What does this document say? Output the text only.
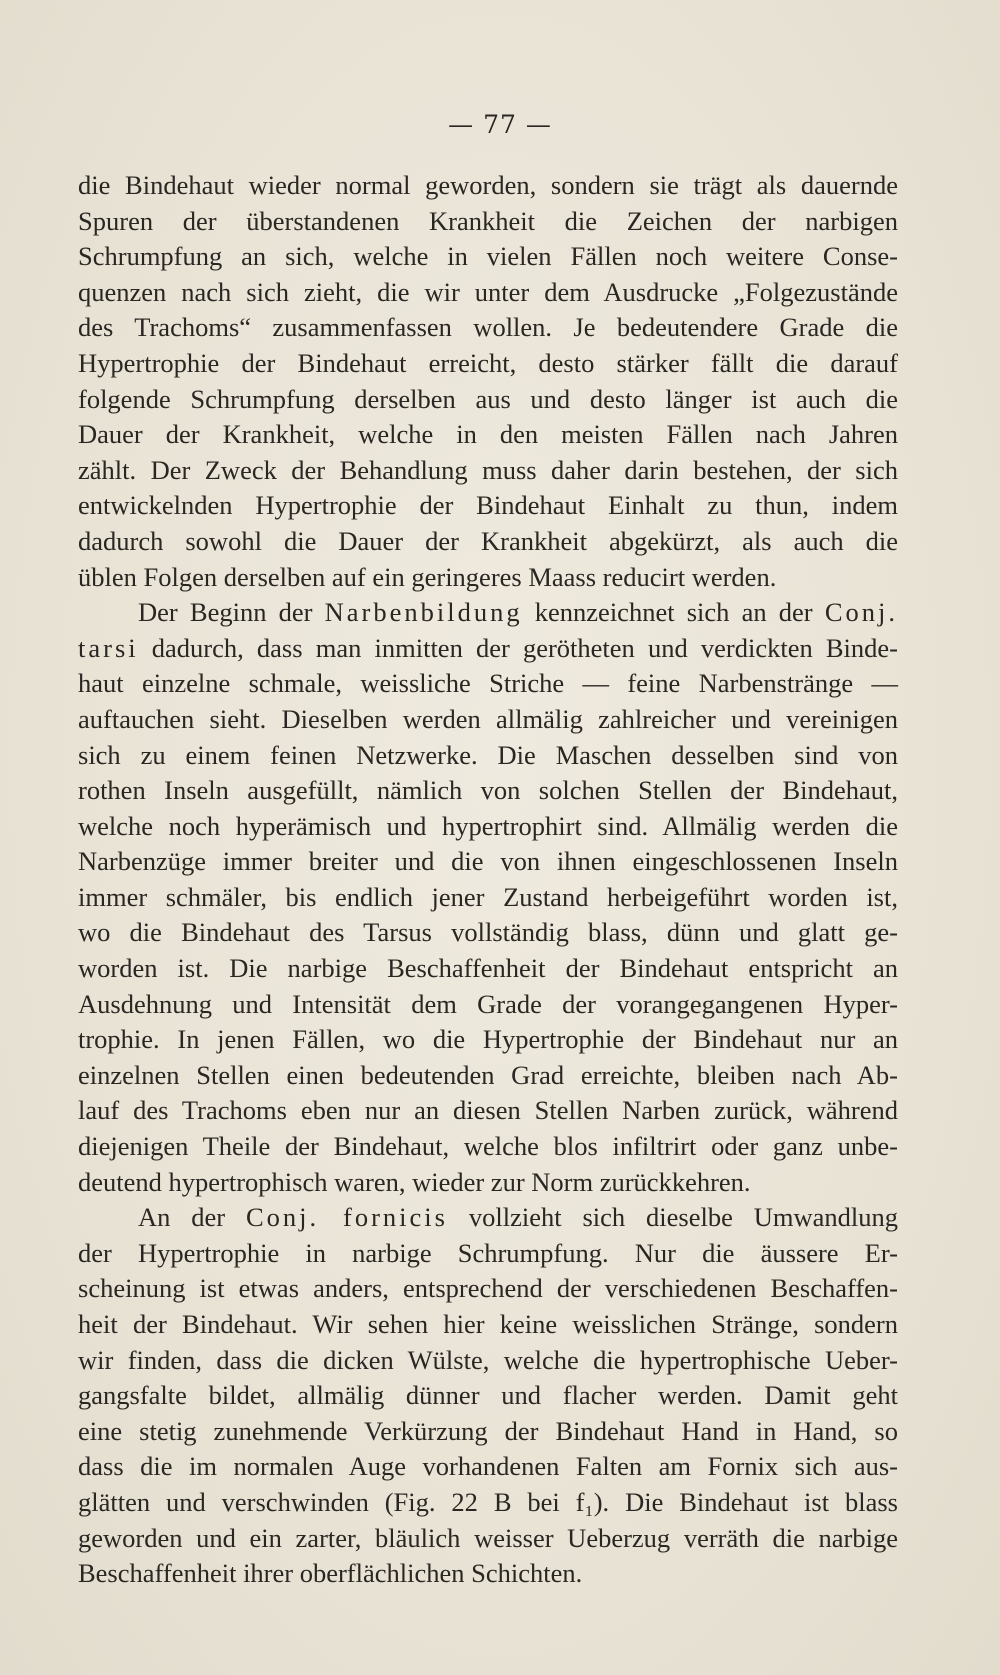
— 77 —
die Bindehaut wieder normal geworden, sondern sie trägt als dauernde
Spuren der überstandenen Krankheit die Zeichen der narbigen
Schrumpfung an sich, welche in vielen Fällen noch weitere Conse-
quenzen nach sich zieht, die wir unter dem Ausdrucke „Folgezustände
des Trachoms“ zusammenfassen wollen. Je bedeutendere Grade die
Hypertrophie der Bindehaut erreicht, desto stärker fällt die darauf
folgende Schrumpfung derselben aus und desto länger ist auch die
Dauer der Krankheit, welche in den meisten Fällen nach Jahren
zählt. Der Zweck der Behandlung muss daher darin bestehen, der sich
entwickelnden Hypertrophie der Bindehaut Einhalt zu thun, indem
dadurch sowohl die Dauer der Krankheit abgekürzt, als auch die
üblen Folgen derselben auf ein geringeres Maass reducirt werden.
Der Beginn der Narbenbildung kennzeichnet sich an der Conj.
tarsi dadurch, dass man inmitten der gerötheten und verdickten Binde-
haut einzelne schmale, weissliche Striche — feine Narbenstränge —
auftauchen sieht. Dieselben werden allmälig zahlreicher und vereinigen
sich zu einem feinen Netzwerke. Die Maschen desselben sind von
rothen Inseln ausgefüllt, nämlich von solchen Stellen der Bindehaut,
welche noch hyperämisch und hypertrophirt sind. Allmälig werden die
Narbenzüge immer breiter und die von ihnen eingeschlossenen Inseln
immer schmäler, bis endlich jener Zustand herbeigeführt worden ist,
wo die Bindehaut des Tarsus vollständig blass, dünn und glatt ge-
worden ist. Die narbige Beschaffenheit der Bindehaut entspricht an
Ausdehnung und Intensität dem Grade der vorangegangenen Hyper-
trophie. In jenen Fällen, wo die Hypertrophie der Bindehaut nur an
einzelnen Stellen einen bedeutenden Grad erreichte, bleiben nach Ab-
lauf des Trachoms eben nur an diesen Stellen Narben zurück, während
diejenigen Theile der Bindehaut, welche blos infiltrirt oder ganz unbe-
deutend hypertrophisch waren, wieder zur Norm zurückkehren.
An der Conj. fornicis vollzieht sich dieselbe Umwandlung
der Hypertrophie in narbige Schrumpfung. Nur die äussere Er-
scheinung ist etwas anders, entsprechend der verschiedenen Beschaffen-
heit der Bindehaut. Wir sehen hier keine weisslichen Stränge, sondern
wir finden, dass die dicken Wülste, welche die hypertrophische Ueber-
gangsfalte bildet, allmälig dünner und flacher werden. Damit geht
eine stetig zunehmende Verkürzung der Bindehaut Hand in Hand, so
dass die im normalen Auge vorhandenen Falten am Fornix sich aus-
glätten und verschwinden (Fig. 22 B bei f₁). Die Bindehaut ist blass
geworden und ein zarter, bläulich weisser Ueberzug verräth die narbige
Beschaffenheit ihrer oberflächlichen Schichten.
